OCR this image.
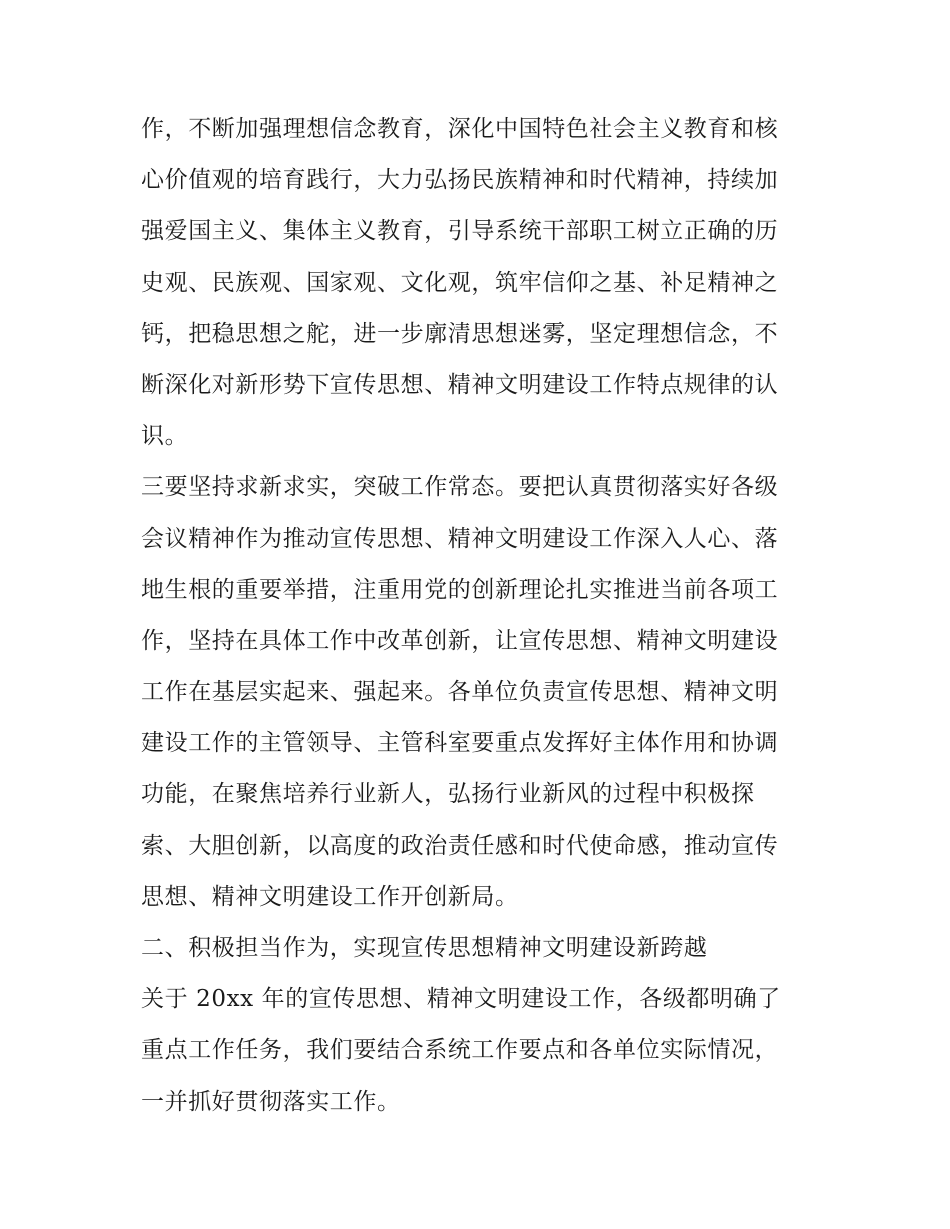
作，不断加强理想信念教育，深化中国特色社会主义教育和核
心价值观的培育践行，大力弘扬民族精神和时代精神，持续加
强爱国主义、集体主义教育，引导系统干部职工树立正确的历
史观、民族观、国家观、文化观，筑牢信仰之基、补足精神之
钙，把稳思想之舵，进一步廓清思想迷雾，坚定理想信念，不
断深化对新形势下宣传思想、精神文明建设工作特点规律的认
识。
三要坚持求新求实，突破工作常态。要把认真贯彻落实好各级
会议精神作为推动宣传思想、精神文明建设工作深入人心、落
地生根的重要举措，注重用党的创新理论扎实推进当前各项工
作，坚持在具体工作中改革创新，让宣传思想、精神文明建设
工作在基层实起来、强起来。各单位负责宣传思想、精神文明
建设工作的主管领导、主管科室要重点发挥好主体作用和协调
功能，在聚焦培养行业新人，弘扬行业新风的过程中积极探
索、大胆创新，以高度的政治责任感和时代使命感，推动宣传
思想、精神文明建设工作开创新局。
二、积极担当作为，实现宣传思想精神文明建设新跨越
关于 20xx 年的宣传思想、精神文明建设工作，各级都明确了
重点工作任务，我们要结合系统工作要点和各单位实际情况，
一并抓好贯彻落实工作。
